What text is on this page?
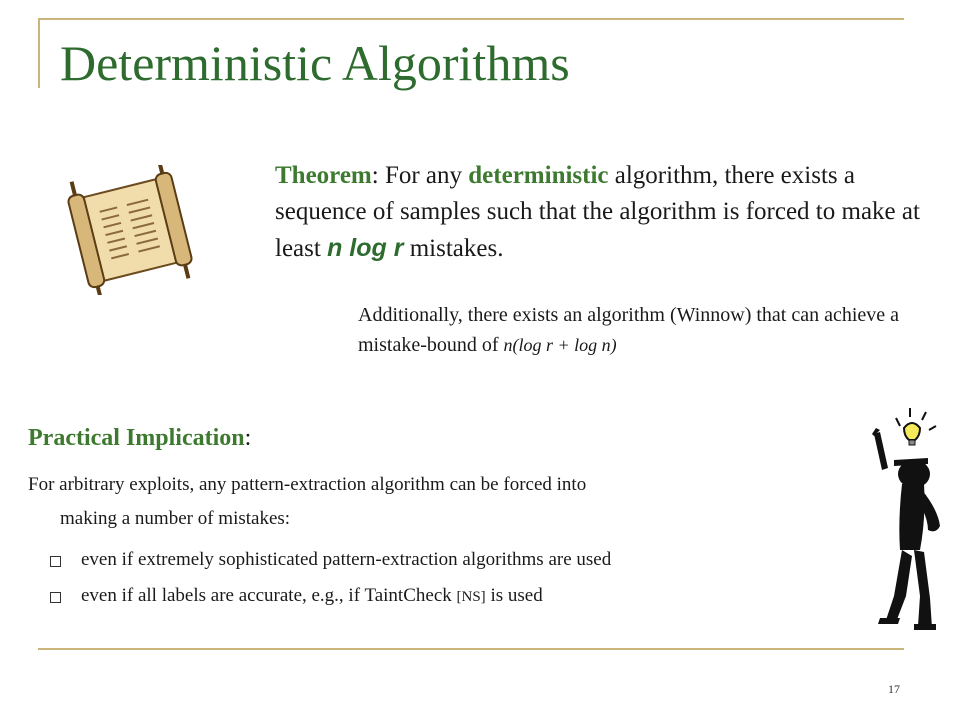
Deterministic Algorithms
Theorem: For any deterministic algorithm, there exists a sequence of samples such that the algorithm is forced to make at least n log r mistakes.
Additionally, there exists an algorithm (Winnow) that can achieve a mistake-bound of n(log r + log n)
Practical Implication:
For arbitrary exploits, any pattern-extraction algorithm can be forced into
making a number of mistakes:
even if extremely sophisticated pattern-extraction algorithms are used
even if all labels are accurate, e.g., if TaintCheck [NS] is used
17
